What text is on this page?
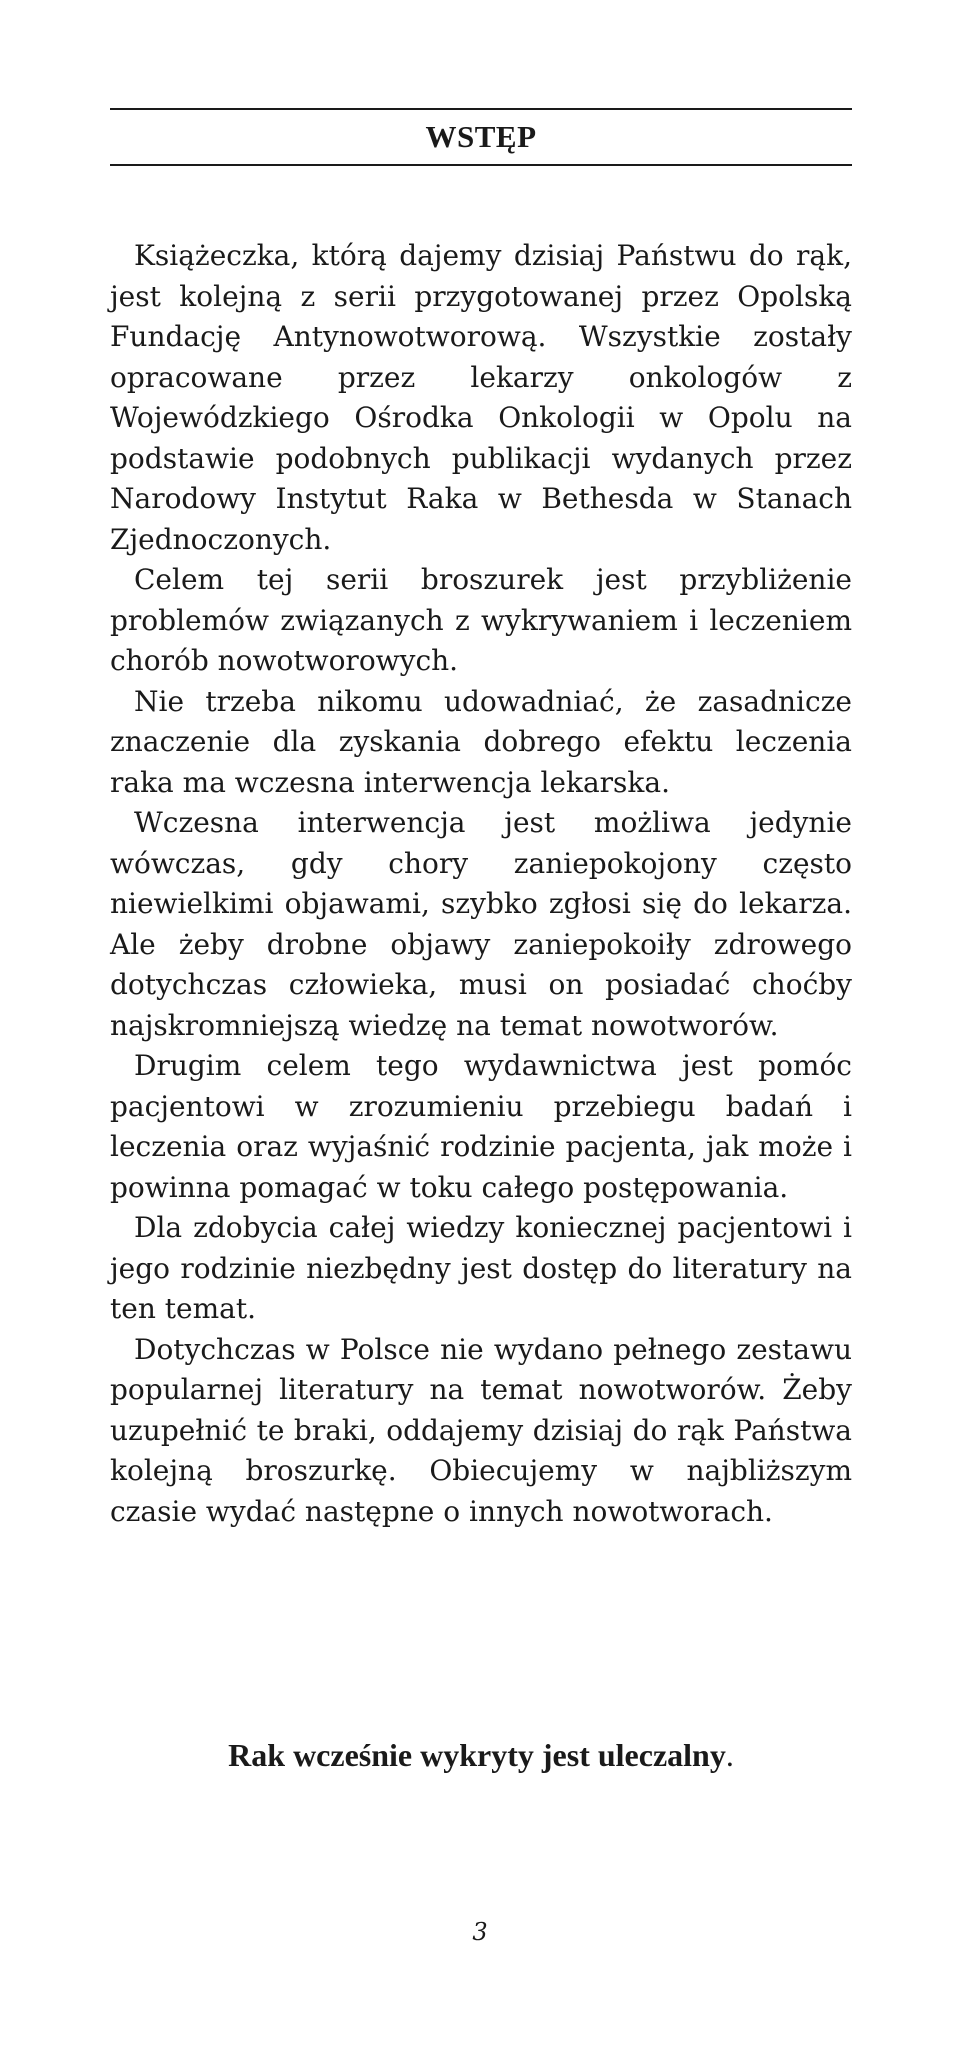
WSTĘP

Książeczka, którą dajemy dzisiaj Państwu do rąk, jest kolejną z serii przygotowanej przez Opolską Fundację Antynowotworową. Wszystkie zostały opracowane przez lekarzy onkologów z Wojewódzkiego Ośrodka Onkologii w Opolu na podstawie podobnych publikacji wydanych przez Narodowy Instytut Raka w Bethesda w Stanach Zjednoczonych.

Celem tej serii broszurek jest przybliżenie problemów związanych z wykrywaniem i leczeniem chorób nowotworowych.

Nie trzeba nikomu udowadniać, że zasadnicze znaczenie dla zyskania dobrego efektu leczenia raka ma wczesna interwencja lekarska.

Wczesna interwencja jest możliwa jedynie wówczas, gdy chory zaniepokojony często niewielkimi objawami, szybko zgłosi się do lekarza. Ale żeby drobne objawy zaniepokoiły zdrowego dotychczas człowieka, musi on posiadać choćby najskromniejszą wiedzę na temat nowotworów.

Drugim celem tego wydawnictwa jest pomóc pacjentowi w zrozumieniu przebiegu badań i leczenia oraz wyjaśnić rodzinie pacjenta, jak może i powinna pomagać w toku całego postępowania.

Dla zdobycia całej wiedzy koniecznej pacjentowi i jego rodzinie niezbędny jest dostęp do literatury na ten temat.

Dotychczas w Polsce nie wydano pełnego zestawu popularnej literatury na temat nowotworów. Żeby uzupełnić te braki, oddajemy dzisiaj do rąk Państwa kolejną broszurkę. Obiecujemy w najbliższym czasie wydać następne o innych nowotworach.

Rak wcześnie wykryty jest uleczalny.
3
